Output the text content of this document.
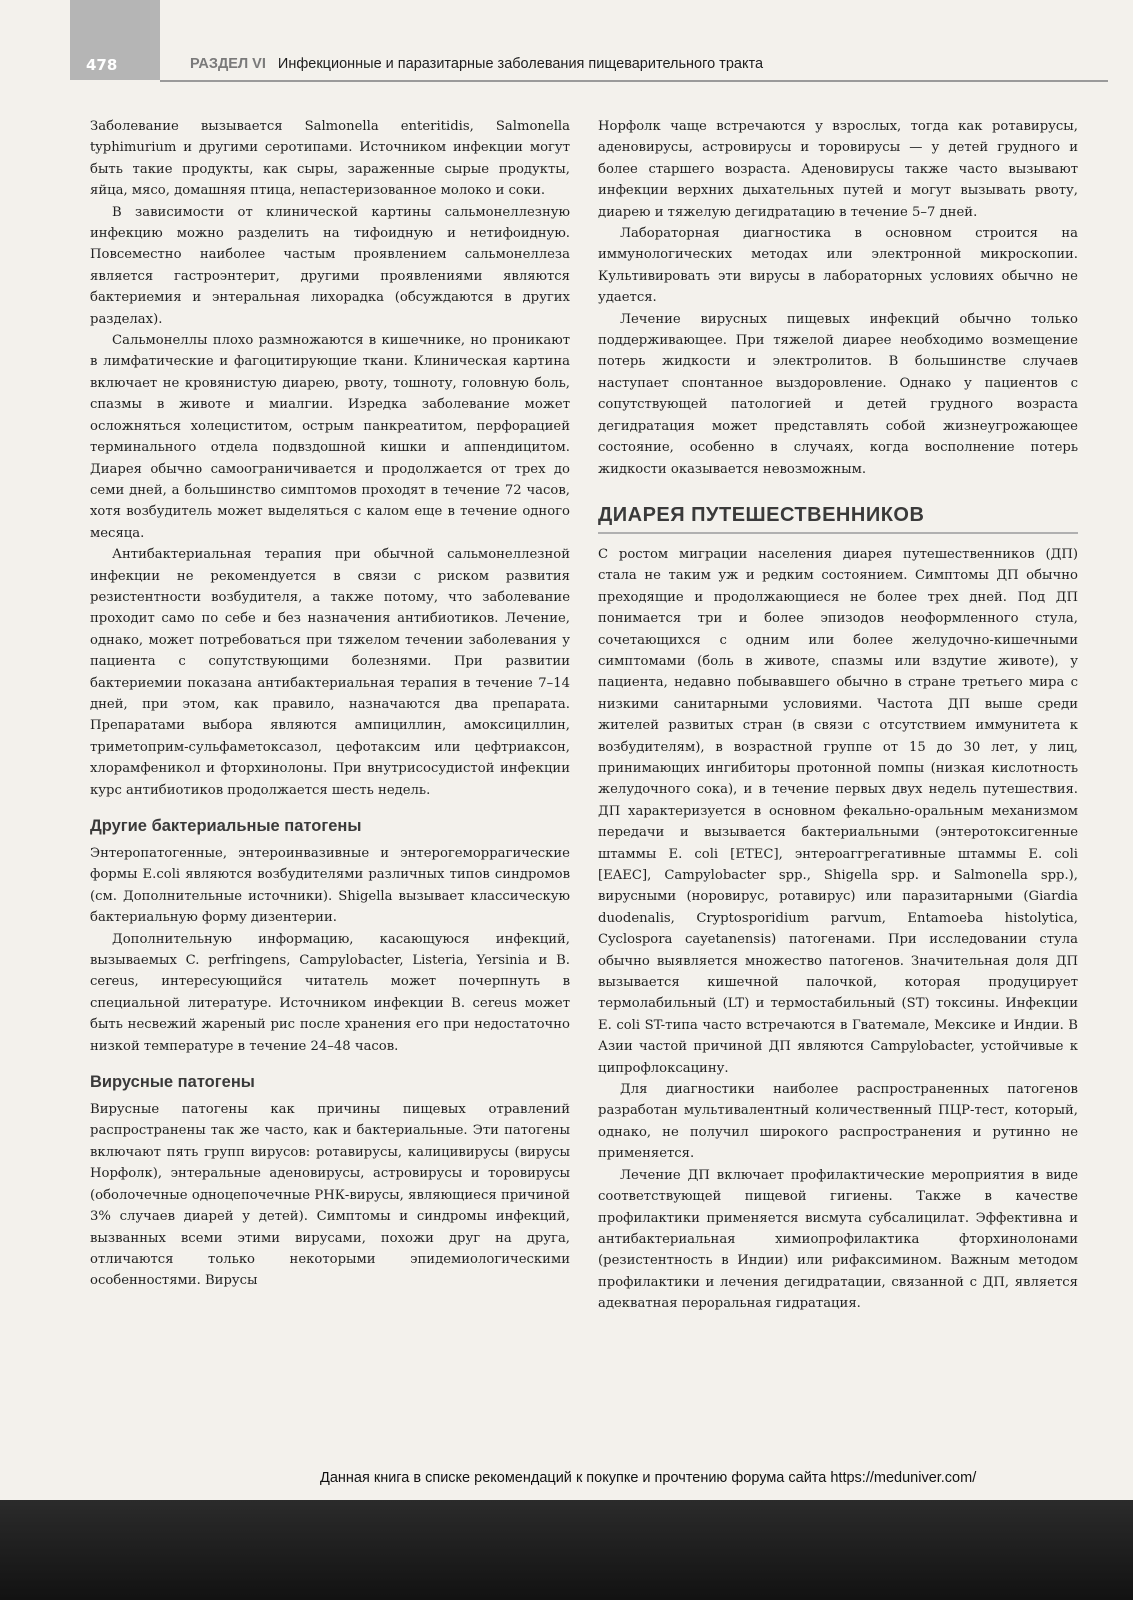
478	РАЗДЕЛ VI Инфекционные и паразитарные заболевания пищеварительного тракта

Заболевание вызывается Salmonella enteritidis, Salmonella typhimurium и другими серотипами. Источником инфекции могут быть такие продукты, как сыры, зараженные сырые продукты, яйца, мясо, домашняя птица, непастеризованное молоко и соки.

В зависимости от клинической картины сальмонеллезную инфекцию можно разделить на тифоидную и нетифоидную. Повсеместно наиболее частым проявлением сальмонеллеза является гастроэнтерит, другими проявлениями являются бактериемия и энтеральная лихорадка (обсуждаются в других разделах).

Сальмонеллы плохо размножаются в кишечнике, но проникают в лимфатические и фагоцитирующие ткани. Клиническая картина включает не кровянистую диарею, рвоту, тошноту, головную боль, спазмы в животе и миалгии. Изредка заболевание может осложняться холециститом, острым панкреатитом, перфорацией терминального отдела подвздошной кишки и аппендицитом. Диарея обычно самоограничивается и продолжается от трех до семи дней, а большинство симптомов проходят в течение 72 часов, хотя возбудитель может выделяться с калом еще в течение одного месяца.

Антибактериальная терапия при обычной сальмонеллезной инфекции не рекомендуется в связи с риском развития резистентности возбудителя, а также потому, что заболевание проходит само по себе и без назначения антибиотиков. Лечение, однако, может потребоваться при тяжелом течении заболевания у пациента с сопутствующими болезнями. При развитии бактериемии показана антибактериальная терапия в течение 7–14 дней, при этом, как правило, назначаются два препарата. Препаратами выбора являются ампициллин, амоксициллин, триметоприм-сульфаметоксазол, цефотаксим или цефтриаксон, хлорамфеникол и фторхинолоны. При внутрисосудистой инфекции курс антибиотиков продолжается шесть недель.

Другие бактериальные патогены

Энтеропатогенные, энтероинвазивные и энтерогеморрагические формы E.coli являются возбудителями различных типов синдромов (см. Дополнительные источники). Shigella вызывает классическую бактериальную форму дизентерии.

Дополнительную информацию, касающуюся инфекций, вызываемых C. perfringens, Campylobacter, Listeria, Yersinia и B. cereus, интересующийся читатель может почерпнуть в специальной литературе. Источником инфекции B. cereus может быть несвежий жареный рис после хранения его при недостаточно низкой температуре в течение 24–48 часов.

Вирусные патогены

Вирусные патогены как причины пищевых отравлений распространены так же часто, как и бактериальные. Эти патогены включают пять групп вирусов: ротавирусы, калицивирусы (вирусы Норфолк), энтеральные аденовирусы, астровирусы и торовирусы (оболочечные одноцепочечные РНК-вирусы, являющиеся причиной 3% случаев диарей у детей). Симптомы и синдромы инфекций, вызванных всеми этими вирусами, похожи друг на друга, отличаются только некоторыми эпидемиологическими особенностями. Вирусы

Норфолк чаще встречаются у взрослых, тогда как ротавирусы, аденовирусы, астровирусы и торовирусы — у детей грудного и более старшего возраста. Аденовирусы также часто вызывают инфекции верхних дыхательных путей и могут вызывать рвоту, диарею и тяжелую дегидратацию в течение 5–7 дней.

Лабораторная диагностика в основном строится на иммунологических методах или электронной микроскопии. Культивировать эти вирусы в лабораторных условиях обычно не удается.

Лечение вирусных пищевых инфекций обычно только поддерживающее. При тяжелой диарее необходимо возмещение потерь жидкости и электролитов. В большинстве случаев наступает спонтанное выздоровление. Однако у пациентов с сопутствующей патологией и детей грудного возраста дегидратация может представлять собой жизнеугрожающее состояние, особенно в случаях, когда восполнение потерь жидкости оказывается невозможным.

ДИАРЕЯ ПУТЕШЕСТВЕННИКОВ

С ростом миграции населения диарея путешественников (ДП) стала не таким уж и редким состоянием. Симптомы ДП обычно преходящие и продолжающиеся не более трех дней. Под ДП понимается три и более эпизодов неоформленного стула, сочетающихся с одним или более желудочно-кишечными симптомами (боль в животе, спазмы или вздутие животе), у пациента, недавно побывавшего обычно в стране третьего мира с низкими санитарными условиями. Частота ДП выше среди жителей развитых стран (в связи с отсутствием иммунитета к возбудителям), в возрастной группе от 15 до 30 лет, у лиц, принимающих ингибиторы протонной помпы (низкая кислотность желудочного сока), и в течение первых двух недель путешествия. ДП характеризуется в основном фекально-оральным механизмом передачи и вызывается бактериальными (энтеротоксигенные штаммы E. coli [ETEC], энтероаггрегативные штаммы E. coli [EAEC], Campylobacter spp., Shigella spp. и Salmonella spp.), вирусными (норовирус, ротавирус) или паразитарными (Giardia duodenalis, Cryptosporidium parvum, Entamoeba histolytica, Cyclospora cayetanensis) патогенами. При исследовании стула обычно выявляется множество патогенов. Значительная доля ДП вызывается кишечной палочкой, которая продуцирует термолабильный (LT) и термостабильный (ST) токсины. Инфекции E. coli ST-типа часто встречаются в Гватемале, Мексике и Индии. В Азии частой причиной ДП являются Campylobacter, устойчивые к ципрофлоксацину.

Для диагностики наиболее распространенных патогенов разработан мультивалентный количественный ПЦР-тест, который, однако, не получил широкого распространения и рутинно не применяется.

Лечение ДП включает профилактические мероприятия в виде соответствующей пищевой гигиены. Также в качестве профилактики применяется висмута субсалицилат. Эффективна и антибактериальная химиопрофилактика фторхинолонами (резистентность в Индии) или рифаксимином. Важным методом профилактики и лечения дегидратации, связанной с ДП, является адекватная пероральная гидратация.

Данная книга в списке рекомендаций к покупке и прочтению форума сайта https://meduniver.com/
